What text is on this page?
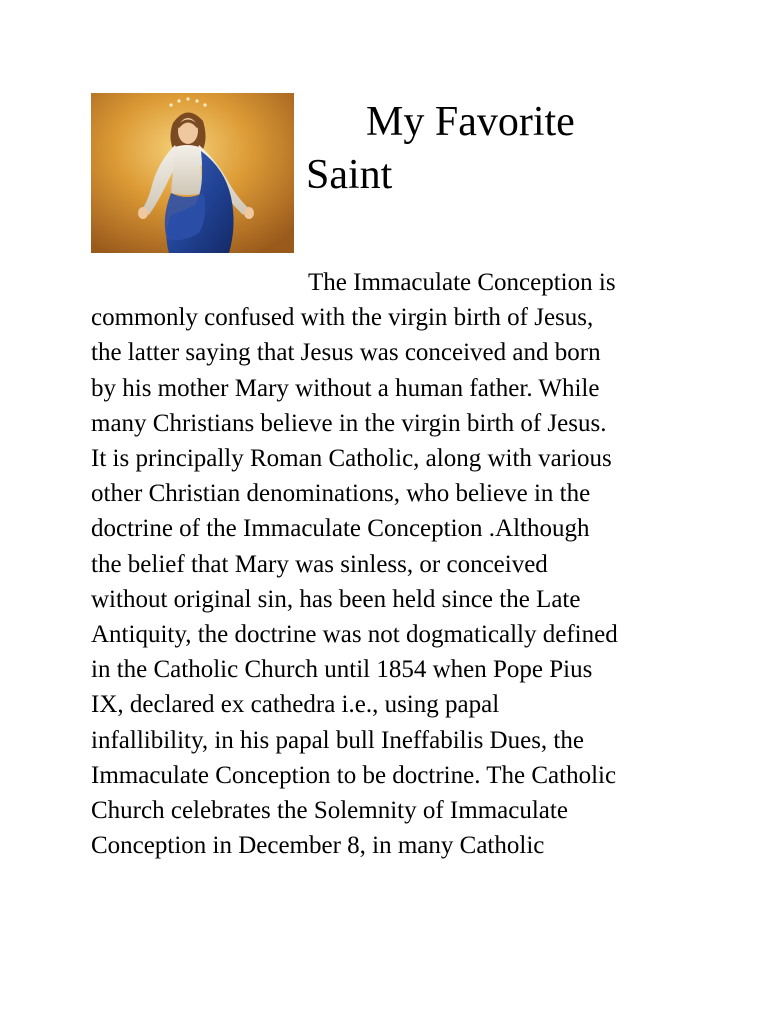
My Favorite
Saint

The Immaculate Conception is
commonly confused with the virgin birth of Jesus,
the latter saying that Jesus was conceived and born
by his mother Mary without a human father. While
many Christians believe in the virgin birth of Jesus.
It is principally Roman Catholic, along with various
other Christian denominations, who believe in the
doctrine of the Immaculate Conception .Although
the belief that Mary was sinless, or conceived
without original sin, has been held since the Late
Antiquity, the doctrine was not dogmatically defined
in the Catholic Church until 1854 when Pope Pius
IX, declared ex cathedra i.e., using papal
infallibility, in his papal bull Ineffabilis Dues, the
Immaculate Conception to be doctrine. The Catholic
Church celebrates the Solemnity of Immaculate
Conception in December 8, in many Catholic
